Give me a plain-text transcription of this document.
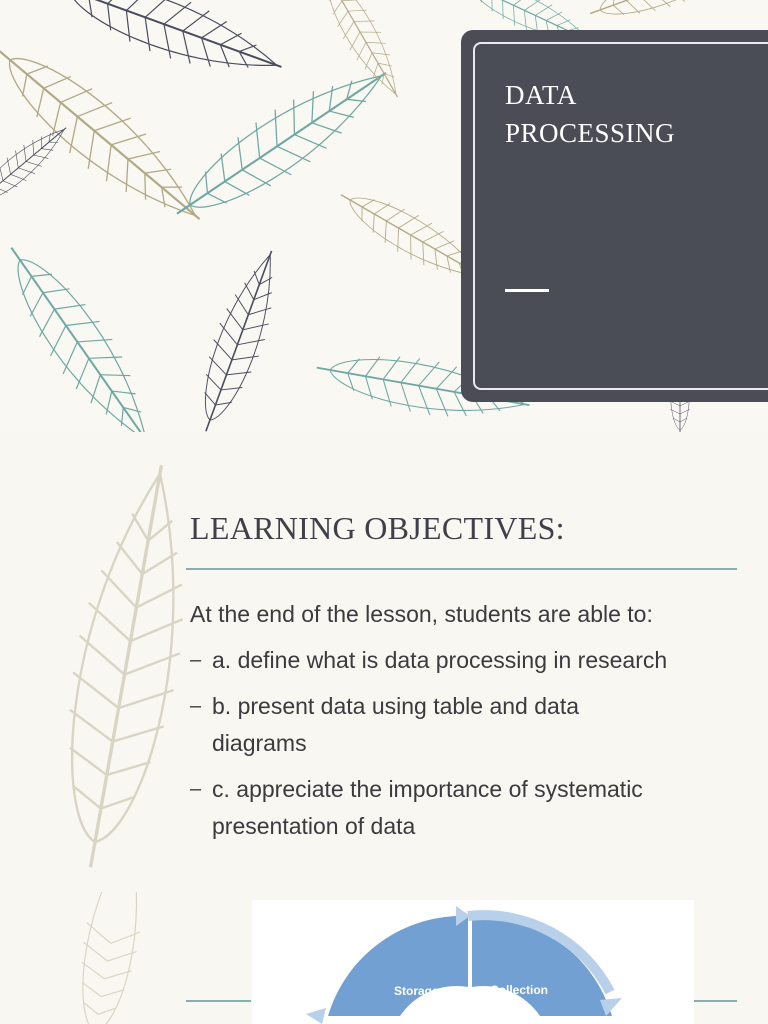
DATA
PROCESSING
LEARNING OBJECTIVES:

At the end of the lesson, students are able to:

– a. define what is data processing in research
– b. present data using table and data
diagrams
– c. appreciate the importance of systematic
presentation of data
Storage	Collection
